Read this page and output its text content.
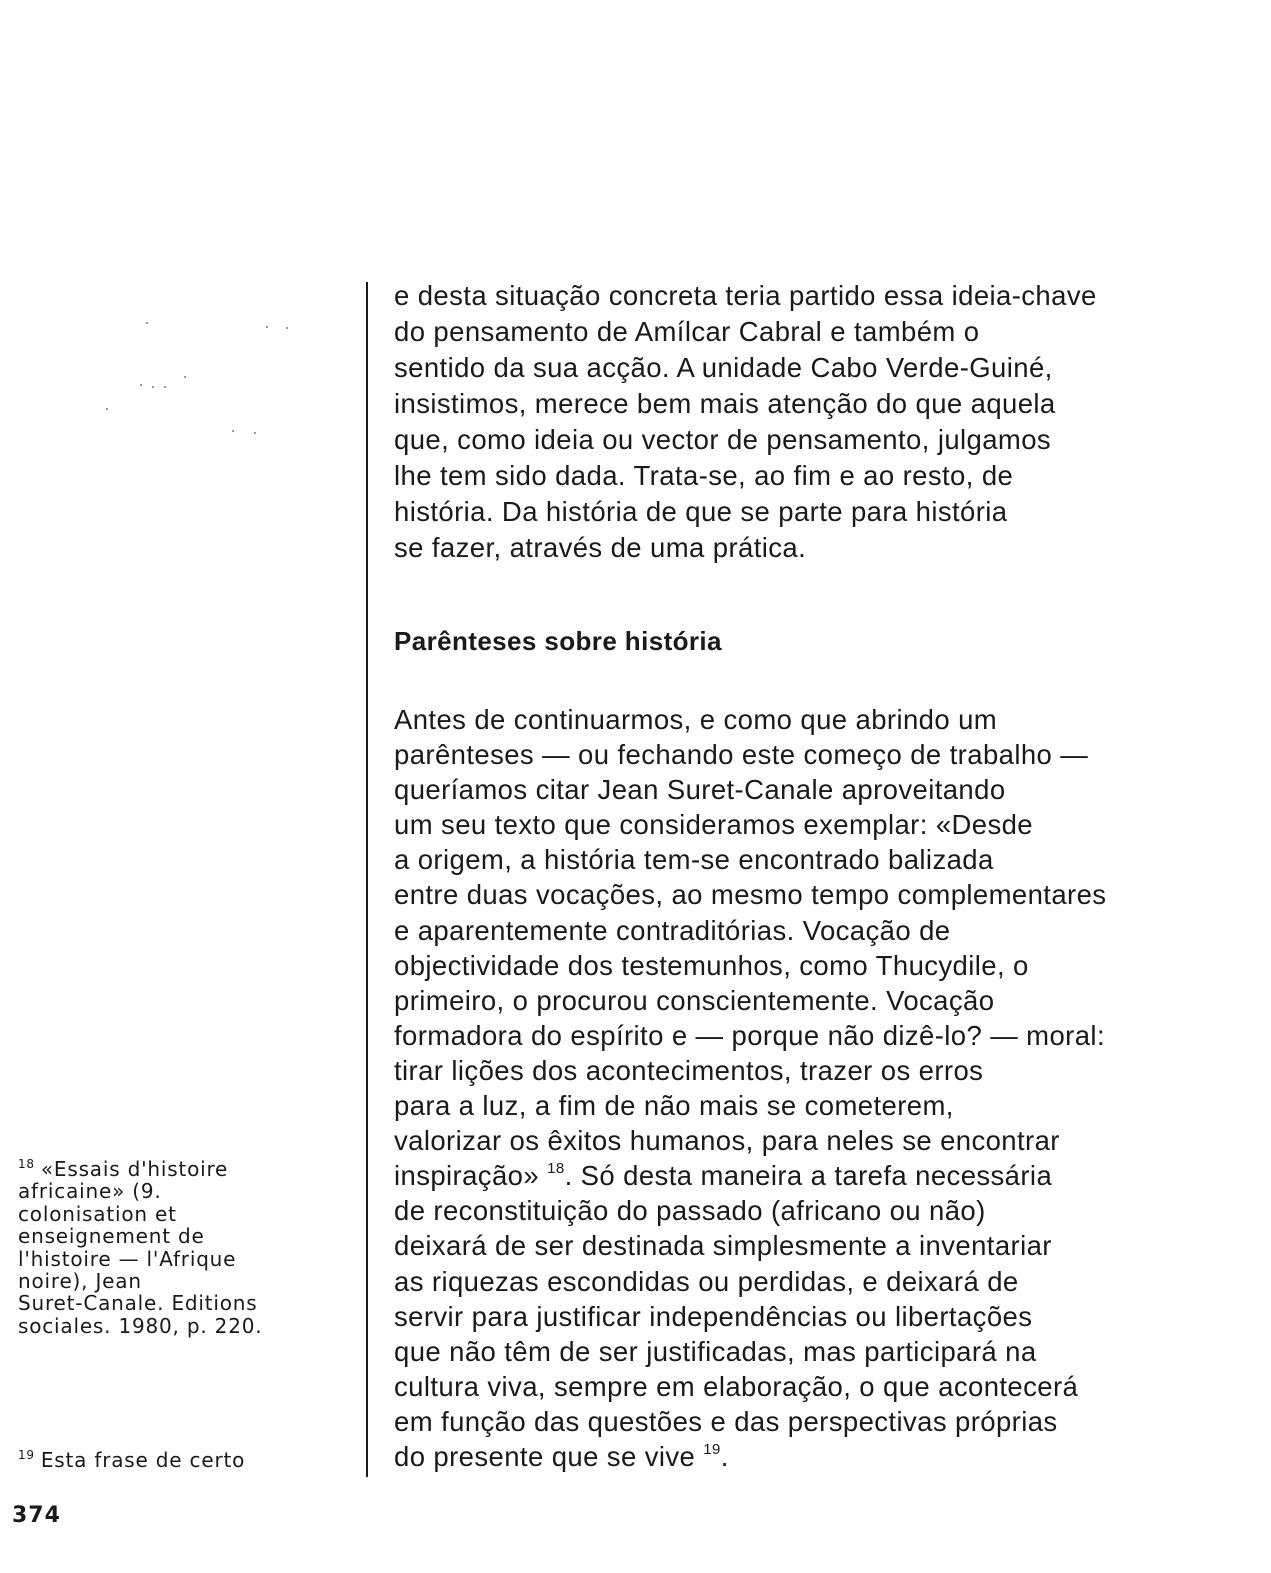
e desta situação concreta teria partido essa ideia-chave
do pensamento de Amílcar Cabral e também o
sentido da sua acção. A unidade Cabo Verde-Guiné,
insistimos, merece bem mais atenção do que aquela
que, como ideia ou vector de pensamento, julgamos
lhe tem sido dada. Trata-se, ao fim e ao resto, de
história. Da história de que se parte para história
se fazer, através de uma prática.
Parênteses sobre história
Antes de continuarmos, e como que abrindo um
parênteses — ou fechando este começo de trabalho —
queríamos citar Jean Suret-Canale aproveitando
um seu texto que consideramos exemplar: «Desde
a origem, a história tem-se encontrado balizada
entre duas vocações, ao mesmo tempo complementares
e aparentemente contraditórias. Vocação de
objectividade dos testemunhos, como Thucydile, o
primeiro, o procurou conscientemente. Vocação
formadora do espírito e — porque não dizê-lo? — moral:
tirar lições dos acontecimentos, trazer os erros
para a luz, a fim de não mais se cometerem,
valorizar os êxitos humanos, para neles se encontrar
inspiração» $^{18}$. Só desta maneira a tarefa necessária
de reconstituição do passado (africano ou não)
deixará de ser destinada simplesmente a inventariar
as riquezas escondidas ou perdidas, e deixará de
servir para justificar independências ou libertações
que não têm de ser justificadas, mas participará na
cultura viva, sempre em elaboração, o que acontecerá
em função das questões e das perspectivas próprias
do presente que se vive $^{19}$.
$^{18}$ «Essais d'histoire
africaine» (9.
colonisation et
enseignement de
l'histoire — l'Afrique
noire), Jean
Suret-Canale. Editions
sociales. 1980, p. 220.
$^{19}$ Esta frase de certo
374
